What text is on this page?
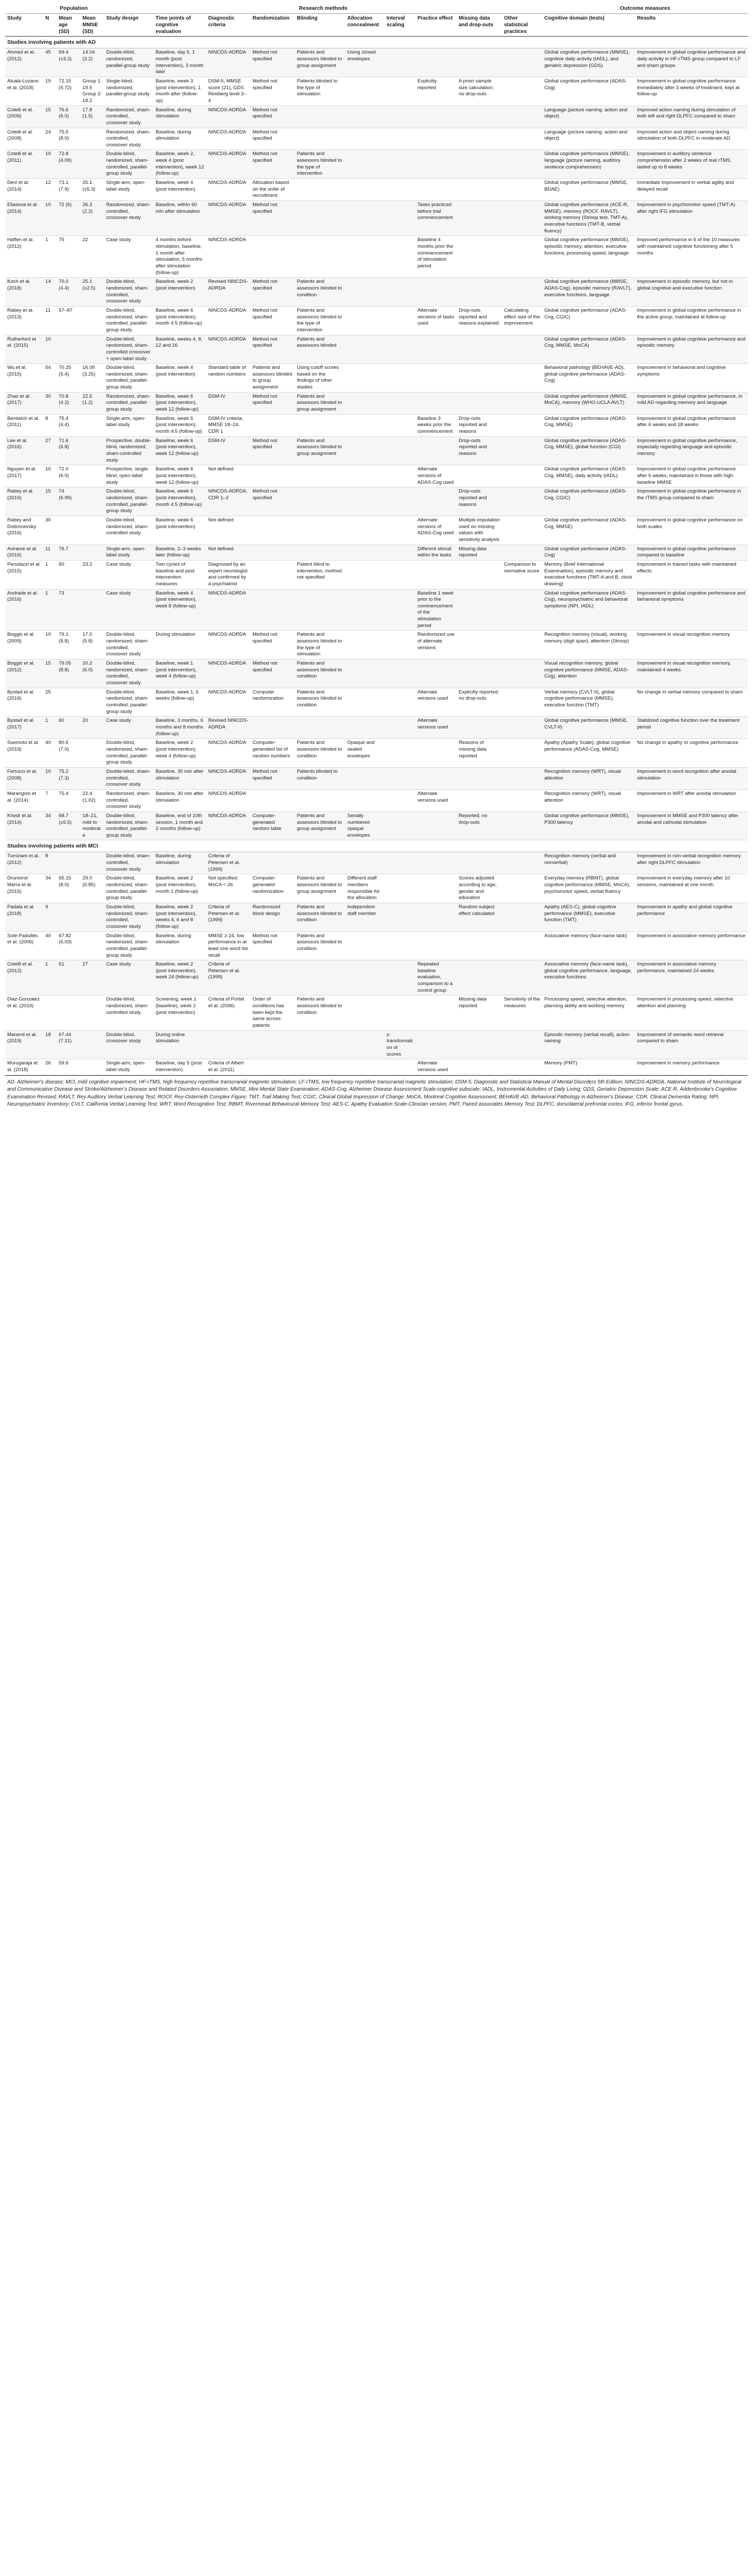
	Population			Research methods										Outcome measures	
Study	N	Mean age (SD)	Mean MMSE (SD)	Study design	Time points of cognitive evaluation	Diagnostic criteria	Randomization	Blinding	Allocation concealment	Interval scaling	Practice effect	Missing data and drop-outs	Other statistical practices	Cognitive domain (tests)	Results
Studies involving patients with AD															
Ahmed et al. (2012)	45	69.4 (±3.2)	14.04 (3.2)	Double-blind, randomized, parallel-group study	Baseline, day 5, 1 month (post intervention), 3 month later	NINCDS-ADRDA	Method not specified	Patients and assessors blinded to group assignment	Using closed envelopes					Global cognitive performance (MMSE), cognitive daily activity (IADL), and geriatric depression (GDS)	Improvement in global cognitive performance and daily activity in HF-rTMS group compared to LF and sham groups
Alcalá-Lozano et al. (2018)	19	72.15 (5.72)	Group 1: 19.5 Group 2: 18.2	Single-blind, randomized, parallel-group study	Baseline, week 3 (post intervention), 1 month after (follow-up)	DSM-5, MMSE score (21), GDS Reisberg level 2–4	Method not specified	Patients blinded to the type of stimulation			Explicitly reported	A priori sample size calculation; no drop-outs		Global cognitive performance (ADAS-Cog)	Improvement in global cognitive performance immediately after 3 weeks of treatment, kept at follow-up
Cotelli et al. (2006)	15	76.6 (6.0)	17.8 (1.5)	Randomized, sham-controlled, crossover study	Baseline, during stimulation	NINCDS-ADRDA	Method not specified							Language (picture naming: action and object)	Improved action naming during stimulation of both left and right DLPFC compared to sham
Cotelli et al. (2008)	24	75.5 (8.0)		Randomized, sham-controlled, crossover study	Baseline, during stimulation	NINCDS-ADRDA	Method not specified							Language (picture naming: action and object)	Improved action and object naming during stimulation of both DLPFC in moderate AD
Cotelli et al. (2011)	10	72.8 (4.09)		Double-blind, randomized, sham-controlled, parallel-group study	Baseline, week 2, week 4 (post intervention), week 12 (follow-up)	NINCDS-ADRDA	Method not specified	Patients and assessors blinded to the type of intervention						Global cognitive performance (MMSE), language (picture naming, auditory sentence comprehension)	Improvement in auditory sentence comprehension after 2 weeks of real rTMS, lasted up to 8 weeks
Devi et al. (2014)	12	73.1 (7.9)	25.1 (±5.3)	Single-arm, open-label study	Baseline, week 4 (post intervention)	NINCDS-ADRDA	Allocation based on the order of recruitment							Global cognitive performance (MMSE, BDAE)	Immediate improvement in verbal agility and delayed recall
Eliasova et al. (2014)	10	72 (6)	26.3 (2.2)	Randomized, sham-controlled, crossover study	Baseline, within 60 min after stimulation	NINCDS-ADRDA	Method not specified				Tasks practiced before trial commencement			Global cognitive performance (ACE-R, MMSE), memory (ROCF, RAVLT), working memory (Stroop test, TMT-A), executive functions (TMT-B, verbal fluency)	Improvement in psychomotor speed (TMT-A) after right IFG stimulation
Haffen et al. (2012)	1	75	22	Case study	4 months before stimulation, baseline, 1 month after stimulation, 5 months after stimulation (follow-up)	NINCDS-ADRDA					Baseline 4 months prior the commencement of stimulation period			Global cognitive performance (MMSE), episodic memory, attention, executive functions, processing speed, language	Improved performance in 6 of the 10 measures with maintained cognitive functioning after 5 months
Koch et al. (2018)	14	70.0 (4.4)	25.1 (±2.5)	Double-blind, randomized, sham-controlled, crossover study	Baseline, week 2 (post intervention)	Revised NINCDS-ADRDA	Method not specified	Patients and assessors blinded to condition						Global cognitive performance (MMSE, ADAS-Cog), episodic memory (RAVLT), executive functions, language	Improvement in episodic memory, but not in global cognitive and executive function
Rabey et al. (2013)	11	57–87		Double-blind, randomized, sham-controlled, parallel-group study	Baseline, week 6 (post intervention), month 4.5 (follow-up)	NINCDS-ADRDA	Method not specified	Patients and assessors blinded to the type of intervention			Alternate versions of tasks used	Drop-outs reported and reasons explained	Calculating effect size of the improvement	Global cognitive performance (ADAS-Cog, CGIC)	Improvement in global cognitive performance in the active group, maintained at follow-up
Rutherford et al. (2015)	10			Double-blind, randomized, sham-controlled crossover + open-label study	Baseline, weeks 4, 8, 12 and 16	NINCDS-ADRDA	Method not specified	Patients and assessors blinded						Global cognitive performance (ADAS-Cog, MMSE, MoCA)	Improvement in global cognitive performance and episodic memory
Wu et al. (2015)	54	70.25 (5.4)	16.09 (3.25)	Double-blind, randomized, sham-controlled, parallel-group study	Baseline, week 4 (post intervention)	Standard table of random numbers	Patients and assessors blinded to group assignment	Using cutoff scores based on the findings of other studies						Behavioral pathology (BEHAVE-AD), global cognitive performance (ADAS-Cog)	Improvement in behavioral and cognitive symptoms
Zhao et al. (2017)	30	70.8 (4.2)	22.5 (1.2)	Randomized, sham-controlled, parallel-group study	Baseline, week 6 (post intervention), week 12 (follow-up)	DSM-IV	Method not specified	Patients and assessors blinded to group assignment						Global cognitive performance (MMSE, MoCA), memory (WHO-UCLA AVLT)	Improvement in global cognitive performance, in mild AD regarding memory and language
Bentwich et al. (2011)	8	75.4 (4.4)		Single-arm, open-label study	Baseline, week 6 (post intervention), month 4.5 (follow-up)	DSM-IV criteria, MMSE 18–24, CDR 1					Baseline 3 weeks prior the commencement	Drop-outs reported and reasons		Global cognitive performance (ADAS-Cog, MMSE)	Improvement in global cognitive performance after 6 weeks and 18 weeks
Lee et al. (2016)	27	71.6 (6.8)		Prospective, double-blind, randomized, sham-controlled study	Baseline, week 6 (post intervention), week 12 (follow-up)	DSM-IV	Method not specified	Patients and assessors blinded to group assignment				Drop-outs reported and reasons		Global cognitive performance (ADAS-Cog, MMSE), global function (CGI)	Improvement in global cognitive performance, especially regarding language and episodic memory
Nguyen et al. (2017)	10	72.0 (6.0)		Prospective, single-blind, open-label study	Baseline, week 6 (post intervention), week 12 (follow-up)	Not defined					Alternate versions of ADAS-Cog used			Global cognitive performance (ADAS-Cog, MMSE), daily activity (IADL)	Improvement in global cognitive performance after 6 weeks, maintained in those with high baseline MMSE
Rabey et al. (2016)	15	74 (6.99)		Double-blind, randomized, sham-controlled, parallel-group study	Baseline, week 6 (post intervention), month 4.5 (follow-up)	NINCDS-ADRDA, CDR 1–2	Method not specified					Drop-outs reported and reasons		Global cognitive performance (ADAS-Cog, CGIC)	Improvement in global cognitive performance in the rTMS group compared to sham
Rabey and Dobronevsky (2016)	30			Double-blind, randomized, sham-controlled study	Baseline, week 6 (post intervention)	Not defined					Alternate versions of ADAS-Cog used	Multiple imputation used on missing values with sensitivity analysis		Global cognitive performance (ADAS-Cog, MMSE)	Improvement in global cognitive performance on both scales
Avirame et al. (2016)	11	76.7		Single-arm, open-label study	Baseline, 2–3 weeks later (follow-up)	Not defined					Different stimuli within the tasks	Missing data reported		Global cognitive performance (ADAS-Cog)	Improvement in global cognitive performance compared to baseline
Penolazzi et al. (2015)	1	60	23.2	Case study	Two cycles of baseline and post intervention measures	Diagnosed by an expert neurologist and confirmed by a psychiatrist		Patient blind to intervention, method not specified					Comparison to normative score	Memory (Brief International Examination), episodic memory and executive functions (TMT-A and B, clock drawing)	Improvement in trained tasks with maintained effects
Andrade et al. (2016)	1	73		Case study	Baseline, week 4 (post intervention), week 8 (follow-up)	NINCDS-ADRDA					Baseline 1 week prior to the commencement of the stimulation period			Global cognitive performance (ADAS-Cog), neuropsychiatric and behavioral symptoms (NPI, IADL)	Improvement in global cognitive performance and behavioral symptoms
Boggio et al. (2009)	10	79.1 (8.8)	17.0 (5.8)	Double-blind, randomized, sham-controlled, crossover study	During stimulation	NINCDS-ADRDA	Method not specified	Patients and assessors blinded to the type of stimulation			Randomized use of alternate versions			Recognition memory (visual), working memory (digit span), attention (Stroop)	Improvement in visual recognition memory
Boggio et al. (2012)	15	79.05 (8.8)	20.2 (6.0)	Double-blind, randomized, sham-controlled, crossover study	Baseline, week 1 (post intervention), week 4 (follow-up)	NINCDS-ADRDA	Method not specified	Patients and assessors blinded to condition						Visual recognition memory, global cognitive performance (MMSE, ADAS-Cog), attention	Improvement in visual recognition memory, maintained 4 weeks
Bystad et al. (2016)	25			Double-blind, randomized, sham-controlled, parallel-group study	Baseline, week 1, 6 weeks (follow-up)	NINCDS-ADRDA	Computer randomization	Patients and assessors blinded to condition			Alternate versions used	Explicitly reported; no drop-outs		Verbal memory (CVLT-II), global cognitive performance (MMSE), executive function (TMT)	No change in verbal memory compared to sham
Bystad et al. (2017)	1	60	20	Case study	Baseline, 3 months, 6 months and 8 months (follow-up)	Revised NINCDS-ADRDA					Alternate versions used			Global cognitive performance (MMSE, CVLT-II)	Stabilized cognitive function over the treatment period
Suemoto et al. (2019)	40	80.5 (7.0)		Double-blind, randomized, sham-controlled, parallel-group study	Baseline, week 2 (post intervention), week 4 (follow-up)	NINCDS-ADRDA	Computer-generated list of random numbers	Patients and assessors blinded to condition	Opaque and sealed envelopes			Reasons of missing data reported		Apathy (Apathy Scale), global cognitive performance (ADAS-Cog, MMSE)	No change in apathy or cognitive performance
Ferrucci et al. (2008)	10	75.2 (7.3)		Double-blind, sham-controlled, crossover study	Baseline, 30 min after stimulation	NINCDS-ADRDA	Method not specified	Patients blinded to condition						Recognition memory (WRT), visual attention	Improvement in word recognition after anodal stimulation
Marangolo et al. (2014)	7	75.4	22.4 (1.02)	Randomized, sham-controlled, crossover study	Baseline, 30 min after stimulation	NINCDS-ADRDA					Alternate versions used			Recognition memory (WRT), visual attention	Improvement in WRT after anodal stimulation
Khedr et al. (2014)	34	68.7 (±5.5)	18–21, mild to moderate	Double-blind, randomized, sham-controlled, parallel-group study	Baseline, end of 10th session, 1 month and 2 months (follow-up)	NINCDS-ADRDA	Computer-generated random table	Patients and assessors blinded to group assignment	Serially numbered opaque envelopes			Reported; no drop-outs		Global cognitive performance (MMSE), P300 latency	Improvement in MMSE and P300 latency after anodal and cathodal stimulation
Studies involving patients with MCI															
Turriziani et al. (2012)	8			Double-blind, sham-controlled, crossover study	Baseline, during stimulation	Criteria of Petersen et al. (1999)								Recognition memory (verbal and nonverbal)	Improvement in non-verbal recognition memory after right DLPFC stimulation
Drumond Marra et al. (2015)	34	65.15 (8.0)	29.0 (0.85)	Double-blind, randomized, sham-controlled, parallel-group study	Baseline, week 2 (post intervention), month 1 (follow-up)	Not specified; MoCA < 26	Computer-generated randomization	Patients and assessors blinded to group assignment	Different staff members responsible for the allocation			Scores adjusted according to age, gender and education		Everyday memory (RBMT), global cognitive performance (MMSE, MoCA), psychomotor speed, verbal fluency	Improvement in everyday memory after 10 sessions, maintained at one month
Padala et al. (2018)	9			Double-blind, randomized, sham-controlled, crossover study	Baseline, week 2 (post intervention), weeks 4, 6 and 8 (follow-up)	Criteria of Petersen et al. (1999)	Randomized block design	Patients and assessors blinded to condition	Independent staff member			Random subject effect calculated		Apathy (AES-C), global cognitive performance (MMSE), executive function (TMT)	Improvement in apathy and global cognitive performance
Solé-Padullés et al. (2006)	40	67.82 (6.03)		Double-blind, randomized, sham-controlled, parallel-group study	Baseline, during stimulation	MMSE ≥ 24, low performance in at least one word list recall	Method not specified	Patients and assessors blinded to condition						Associative memory (face-name task)	Improvement in associative memory performance
Cotelli et al. (2012)	1	61	27	Case study	Baseline, week 2 (post intervention), week 24 (follow-up)	Criteria of Petersen et al. (1999)					Repeated baseline evaluation, comparison to a control group			Associative memory (face-name task), global cognitive performance, language, executive functions	Improvement in associative memory performance, maintained 24 weeks
Diaz-Gonzalez et al. (2019)				Double-blind, randomized, sham-controlled study	Screening, week 1 (baseline), week 2 (post intervention)	Criteria of Portet et al. (2006)	Order of conditions has been kept the same across patients	Patients and assessors blinded to condition				Missing data reported	Sensitivity of the measures	Processing speed, selective attention, planning ability and working memory	Improvement in processing speed, selective attention and planning
Manenti et al. (2019)	18	67.44 (7.21)		Double-blind, crossover study	During online stimulation					z-transformation of scores				Episodic memory (verbal recall), action naming	Improvement of semantic word retrieval compared to sham
Murugaraja et al. (2018)	26	59.6		Single-arm, open-label study	Baseline, day 5 (post intervention)	Criteria of Albert et al. (2011)					Alternate versions used			Memory (PMT)	Improvement in memory performance
AD, Alzheimer's disease; MCI, mild cognitive impairment; HF-rTMS, high frequency repetitive transcranial magnetic stimulation; LF-rTMS, low frequency repetitive transcranial magnetic stimulation; DSM-5, Diagnostic and Statistical Manual of Mental Disorders 5th Edition; NINCDS-ADRDA, National Institute of Neurological and Communicative Disease and Stroke/Alzheimer's Disease and Related Disorders Association; MMSE, Mini-Mental State Examination; ADAS-Cog, Alzheimer Disease Assessment Scale-cognitive subscale; IADL, Instrumental Activities of Daily Living; GDS, Geriatric Depression Scale; ACE-R, Addenbrooke's Cognitive Examination Revised; RAVLT, Rey Auditory Verbal Learning Test; ROCF, Rey-Osterrieth Complex Figure; TMT, Trail Making Test; CGIC, Clinical Global Impression of Change; MoCA, Montreal Cognitive Assessment; BEHAVE-AD, Behavioral Pathology in Alzheimer's Disease; CDR, Clinical Dementia Rating; NPI, Neuropsychiatric Inventory; CVLT, California Verbal Learning Test; WRT, Word Recognition Test; RBMT, Rivermead Behavioural Memory Test; AES-C, Apathy Evaluation Scale-Clinician version; PMT, Paired associates Memory Test; DLPFC, dorsolateral prefrontal cortex; IFG, inferior frontal gyrus.
